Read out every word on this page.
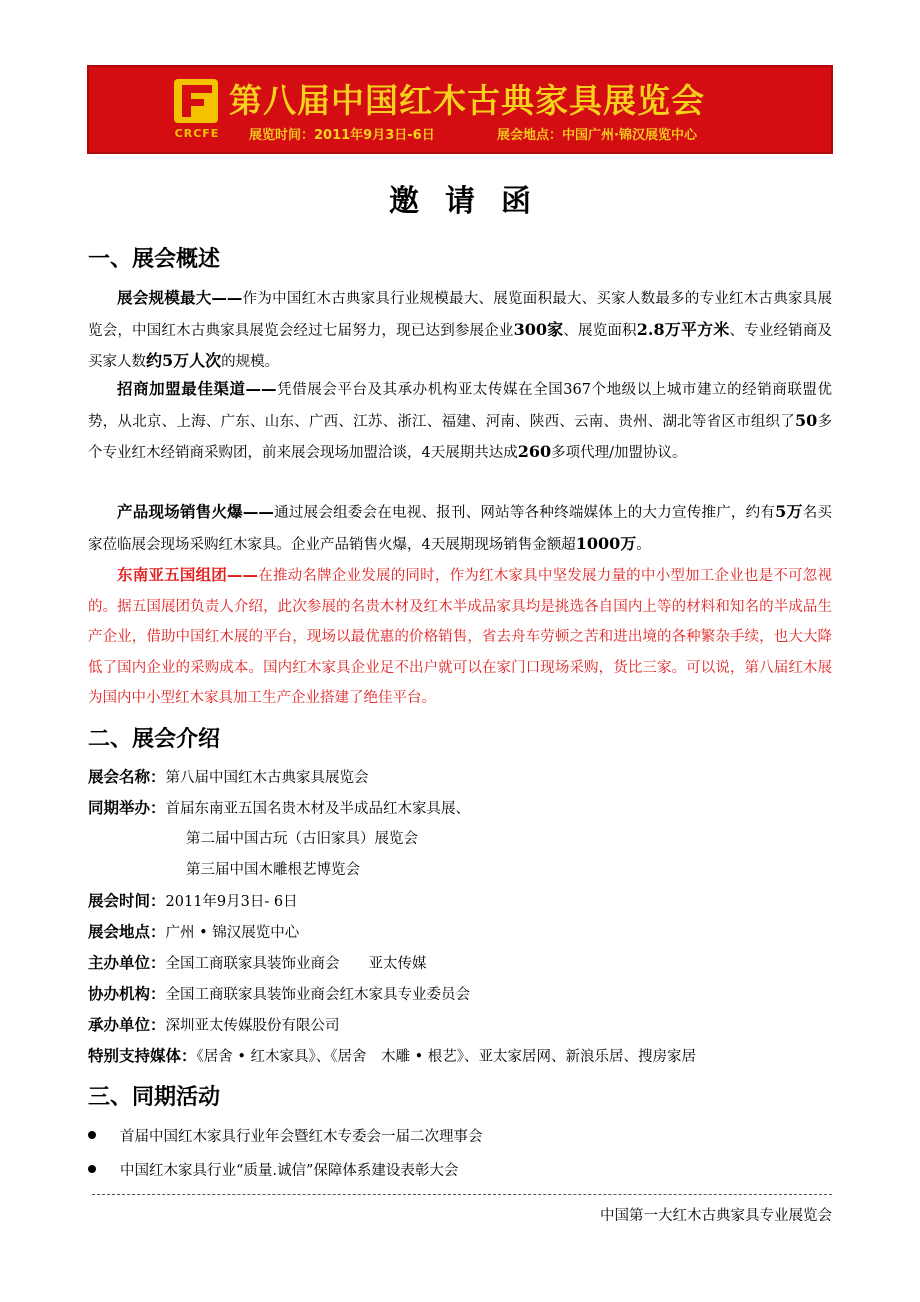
CRCFE
第八届中国红木古典家具展览会
展览时间：2011年9月3日-6日	展会地点：中国广州·锦汉展览中心
邀请函
一、展会概述
展会规模最大——作为中国红木古典家具行业规模最大、展览面积最大、买家人数最多的专业红木古典家具展览会，中国红木古典家具展览会经过七届努力，现已达到参展企业300家、展览面积2.8万平方米、专业经销商及买家人数约5万人次的规模。
招商加盟最佳渠道——凭借展会平台及其承办机构亚太传媒在全国367个地级以上城市建立的经销商联盟优势，从北京、上海、广东、山东、广西、江苏、浙江、福建、河南、陕西、云南、贵州、湖北等省区市组织了50多个专业红木经销商采购团，前来展会现场加盟洽谈，4天展期共达成260多项代理/加盟协议。
产品现场销售火爆——通过展会组委会在电视、报刊、网站等各种终端媒体上的大力宣传推广，约有5万名买家莅临展会现场采购红木家具。企业产品销售火爆，4天展期现场销售金额超1000万。
东南亚五国组团——在推动名牌企业发展的同时，作为红木家具中坚发展力量的中小型加工企业也是不可忽视的。据五国展团负责人介绍，此次参展的名贵木材及红木半成品家具均是挑选各自国内上等的材料和知名的半成品生产企业，借助中国红木展的平台，现场以最优惠的价格销售，省去舟车劳顿之苦和进出境的各种繁杂手续，也大大降低了国内企业的采购成本。国内红木家具企业足不出户就可以在家门口现场采购，货比三家。可以说，第八届红木展为国内中小型红木家具加工生产企业搭建了绝佳平台。
二、展会介绍
展会名称：第八届中国红木古典家具展览会
同期举办：首届东南亚五国名贵木材及半成品红木家具展、
第二届中国古玩（古旧家具）展览会
第三届中国木雕根艺博览会
展会时间：2011年9月3日- 6日
展会地点：广州 • 锦汉展览中心
主办单位：全国工商联家具装饰业商会　　亚太传媒
协办机构：全国工商联家具装饰业商会红木家具专业委员会
承办单位：深圳亚太传媒股份有限公司
特别支持媒体：《居舍 • 红木家具》、《居舍　木雕 • 根艺》、亚太家居网、新浪乐居、搜房家居
三、同期活动
首届中国红木家具行业年会暨红木专委会一届二次理事会
中国红木家具行业“质量.诚信”保障体系建设表彰大会
中国第一大红木古典家具专业展览会
